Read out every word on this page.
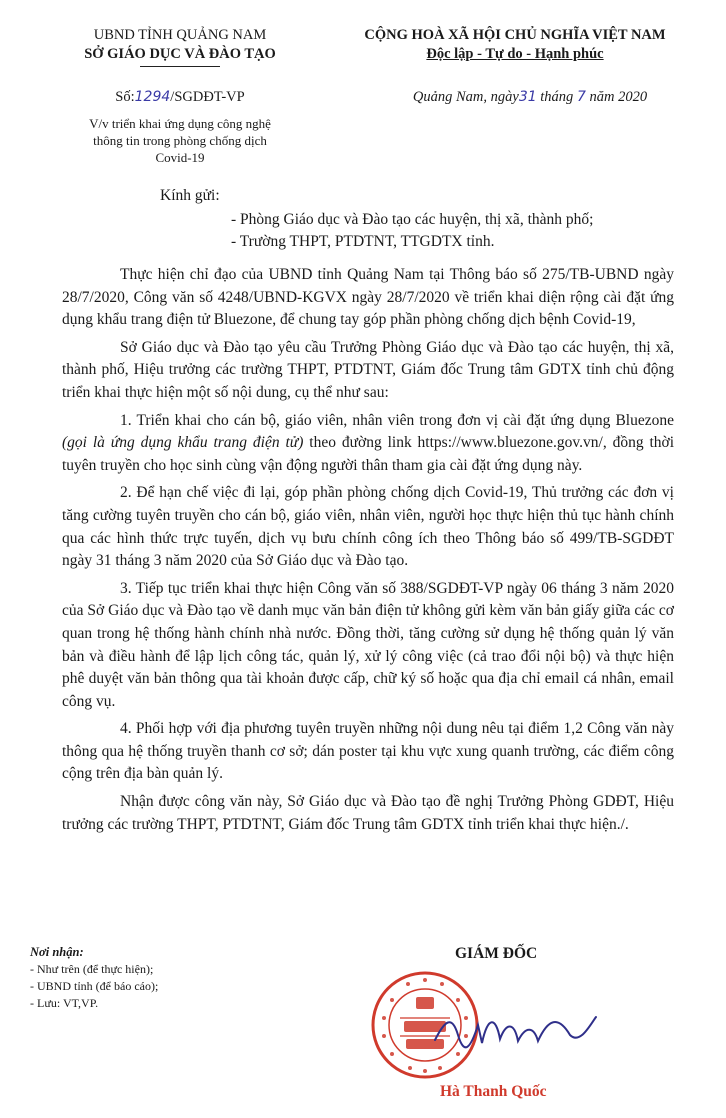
UBND TỈNH QUẢNG NAM
SỞ GIÁO DỤC VÀ ĐÀO TẠO
CỘNG HOÀ XÃ HỘI CHỦ NGHĨA VIỆT NAM
Độc lập - Tự do - Hạnh phúc
Số:1294/SGDĐT-VP	Quảng Nam, ngày31 tháng 7 năm 2020
V/v triển khai ứng dụng công nghệ
thông tin trong phòng chống dịch
Covid-19
Kính gửi:
- Phòng Giáo dục và Đào tạo các huyện, thị xã, thành phố;
- Trường THPT, PTDTNT, TTGDTX tỉnh.

Thực hiện chỉ đạo của UBND tỉnh Quảng Nam tại Thông báo số 275/TB-UBND ngày 28/7/2020, Công văn số 4248/UBND-KGVX ngày 28/7/2020 về triển khai diện rộng cài đặt ứng dụng khẩu trang điện tử Bluezone, để chung tay góp phần phòng chống dịch bệnh Covid-19,

Sở Giáo dục và Đào tạo yêu cầu Trưởng Phòng Giáo dục và Đào tạo các huyện, thị xã, thành phố, Hiệu trưởng các trường THPT, PTDTNT, Giám đốc Trung tâm GDTX tỉnh chủ động triển khai thực hiện một số nội dung, cụ thể như sau:

1. Triển khai cho cán bộ, giáo viên, nhân viên trong đơn vị cài đặt ứng dụng Bluezone (gọi là ứng dụng khẩu trang điện tử) theo đường link https://www.bluezone.gov.vn/, đồng thời tuyên truyền cho học sinh cùng vận động người thân tham gia cài đặt ứng dụng này.

2. Để hạn chế việc đi lại, góp phần phòng chống dịch Covid-19, Thủ trưởng các đơn vị tăng cường tuyên truyền cho cán bộ, giáo viên, nhân viên, người học thực hiện thủ tục hành chính qua các hình thức trực tuyến, dịch vụ bưu chính công ích theo Thông báo số 499/TB-SGDĐT ngày 31 tháng 3 năm 2020 của Sở Giáo dục và Đào tạo.

3. Tiếp tục triển khai thực hiện Công văn số 388/SGDĐT-VP ngày 06 tháng 3 năm 2020 của Sở Giáo dục và Đào tạo về danh mục văn bản điện tử không gửi kèm văn bản giấy giữa các cơ quan trong hệ thống hành chính nhà nước. Đồng thời, tăng cường sử dụng hệ thống quản lý văn bản và điều hành để lập lịch công tác, quản lý, xử lý công việc (cả trao đổi nội bộ) và thực hiện phê duyệt văn bản thông qua tài khoản được cấp, chữ ký số hoặc qua địa chỉ email cá nhân, email công vụ.

4. Phối hợp với địa phương tuyên truyền những nội dung nêu tại điểm 1,2 Công văn này thông qua hệ thống truyền thanh cơ sở; dán poster tại khu vực xung quanh trường, các điểm công cộng trên địa bàn quản lý.

Nhận được công văn này, Sở Giáo dục và Đào tạo đề nghị Trưởng Phòng GDĐT, Hiệu trưởng các trường THPT, PTDTNT, Giám đốc Trung tâm GDTX tỉnh triển khai thực hiện./.

Nơi nhận:
- Như trên (để thực hiện);
- UBND tỉnh (để báo cáo);
- Lưu: VT,VP.
GIÁM ĐỐC
Hà Thanh Quốc
